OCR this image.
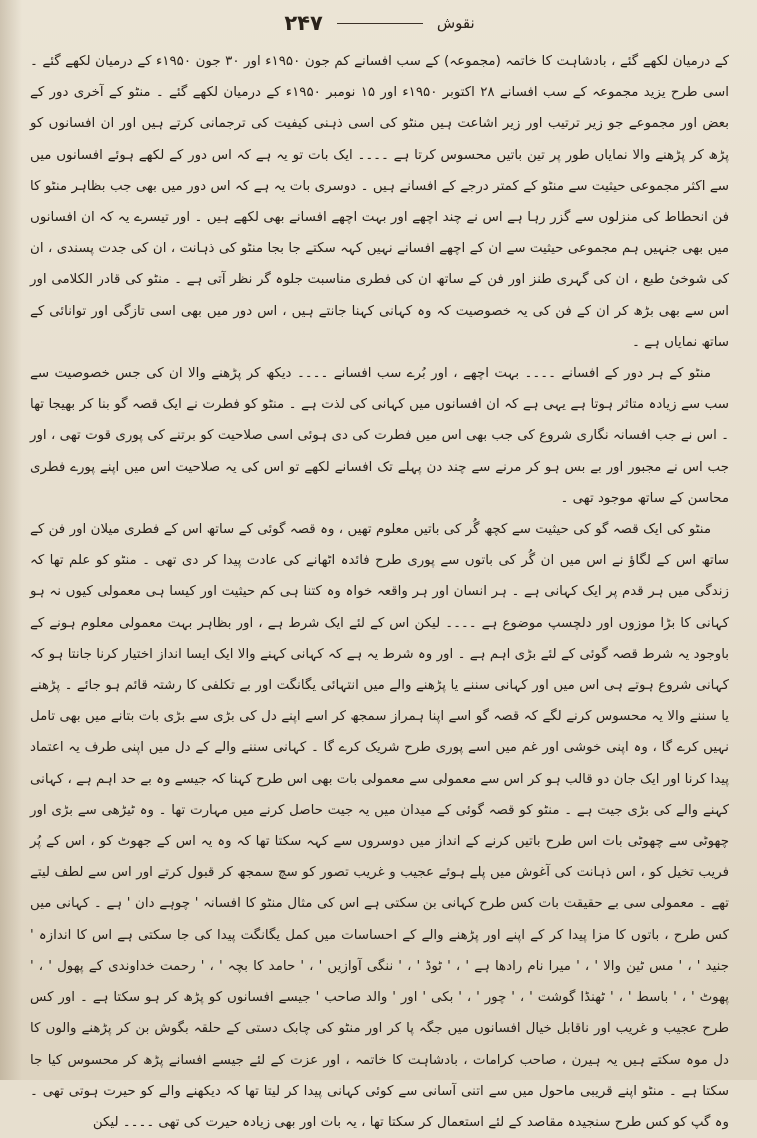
نقوش
۲۴۷

کے درمیان لکھے گئے ، بادشاہت کا خاتمہ (مجموعہ) کے سب افسانے کم جون ۱۹۵۰ء اور ۳۰ جون ۱۹۵۰ء کے درمیان لکھے گئے ۔ اسی طرح یزید مجموعہ کے سب افسانے ۲۸ اکتوبر ۱۹۵۰ء اور ۱۵ نومبر ۱۹۵۰ء کے درمیان لکھے گئے ۔ منٹو کے آخری دور کے بعض اور مجموعے جو زیر ترتیب اور زیر اشاعت ہیں منٹو کی اسی ذہنی کیفیت کی ترجمانی کرتے ہیں اور ان افسانوں کو پڑھ کر پڑھنے والا نمایاں طور پر تین باتیں محسوس کرتا ہے ۔۔۔۔ ایک بات تو یہ ہے کہ اس دور کے لکھے ہوئے افسانوں میں سے اکثر مجموعی حیثیت سے منٹو کے کمتر درجے کے افسانے ہیں ۔ دوسری بات یہ ہے کہ اس دور میں بھی جب بظاہر منٹو کا فن انحطاط کی منزلوں سے گزر رہا ہے اس نے چند اچھے اور بہت اچھے افسانے بھی لکھے ہیں ۔ اور تیسرے یہ کہ ان افسانوں میں بھی جنہیں ہم مجموعی حیثیت سے ان کے اچھے افسانے نہیں کہہ سکتے جا بجا منٹو کی ذہانت ، ان کی جدت پسندی ، ان کی شوخیٔ طبع ، ان کی گہری طنز اور فن کے ساتھ ان کی فطری مناسبت جلوہ گر نظر آتی ہے ۔ منٹو کی قادر الکلامی اور اس سے بھی بڑھ کر ان کے فن کی یہ خصوصیت کہ وہ کہانی کہنا جانتے ہیں ، اس دور میں بھی اسی تازگی اور توانائی کے ساتھ نمایاں ہے ۔

منٹو کے ہر دور کے افسانے ۔۔۔۔ بہت اچھے ، اور بُرے سب افسانے ۔۔۔۔ دیکھ کر پڑھنے والا ان کی جس خصوصیت سے سب سے زیادہ متاثر ہوتا ہے یہی ہے کہ ان افسانوں میں کہانی کی لذت ہے ۔ منٹو کو فطرت نے ایک قصہ گو بنا کر بھیجا تھا ۔ اس نے جب افسانہ نگاری شروع کی جب بھی اس میں فطرت کی دی ہوئی اسی صلاحیت کو برتنے کی پوری قوت تھی ، اور جب اس نے مجبور اور بے بس ہو کر مرنے سے چند دن پہلے تک افسانے لکھے تو اس کی یہ صلاحیت اس میں اپنے پورے فطری محاسن کے ساتھ موجود تھی ۔

منٹو کی ایک قصہ گو کی حیثیت سے کچھ گُر کی باتیں معلوم تھیں ، وہ قصہ گوئی کے ساتھ اس کے فطری میلان اور فن کے ساتھ اس کے لگاؤ نے اس میں ان گُر کی باتوں سے پوری طرح فائدہ اٹھانے کی عادت پیدا کر دی تھی ۔ منٹو کو علم تھا کہ زندگی میں ہر قدم پر ایک کہانی ہے ۔ ہر انسان اور ہر واقعہ خواہ وہ کتنا ہی کم حیثیت اور کیسا ہی معمولی کیوں نہ ہو کہانی کا بڑا موزوں اور دلچسپ موضوع ہے ۔۔۔۔ لیکن اس کے لئے ایک شرط ہے ، اور بظاہر بہت معمولی معلوم ہونے کے باوجود یہ شرط قصہ گوئی کے لئے بڑی اہم ہے ۔ اور وہ شرط یہ ہے کہ کہانی کہنے والا ایک ایسا انداز اختیار کرنا جانتا ہو کہ کہانی شروع ہوتے ہی اس میں اور کہانی سننے یا پڑھنے والے میں انتہائی یگانگت اور بے تکلفی کا رشتہ قائم ہو جائے ۔ پڑھنے یا سننے والا یہ محسوس کرنے لگے کہ قصہ گو اسے اپنا ہمراز سمجھ کر اسے اپنے دل کی بڑی سے بڑی بات بتانے میں بھی تامل نہیں کرے گا ، وہ اپنی خوشی اور غم میں اسے پوری طرح شریک کرے گا ۔ کہانی سننے والے کے دل میں اپنی طرف یہ اعتماد پیدا کرنا اور ایک جان دو قالب ہو کر اس سے معمولی سے معمولی بات بھی اس طرح کہنا کہ جیسے وہ بے حد اہم ہے ، کہانی کہنے والے کی بڑی جیت ہے ۔ منٹو کو قصہ گوئی کے میدان میں یہ جیت حاصل کرنے میں مہارت تھا ۔ وہ ٹیڑھی سے بڑی اور چھوٹی سے چھوٹی بات اس طرح باتیں کرنے کے انداز میں دوسروں سے کہہ سکتا تھا کہ وہ یہ اس کے جھوٹ کو ، اس کے پُر فریب تخیل کو ، اس ذہانت کی آغوش میں پلے ہوئے عجیب و غریب تصور کو سچ سمجھ کر قبول کرتے اور اس سے لطف لیتے تھے ۔ معمولی سی بے حقیقت بات کس طرح کہانی بن سکتی ہے اس کی مثال منٹو کا افسانہ ' چوہے دان ' ہے ۔ کہانی میں کس طرح ، باتوں کا مزا پیدا کر کے اپنے اور پڑھنے والے کے احساسات میں کمل یگانگت پیدا کی جا سکتی ہے اس کا اندازہ ' جنید ' ، ' مس ٹین والا ' ، ' میرا نام رادھا ہے ' ، ' ٹوڈ ' ، ' ننگی آوازیں ' ، ' حامد کا بچہ ' ، ' رحمت خداوندی کے پھول ' ، ' پھوٹ ' ، ' باسط ' ، ' ٹھنڈا گوشت ' ، ' چور ' ، ' بکی ' اور ' والد صاحب ' جیسے افسانوں کو پڑھ کر ہو سکتا ہے ۔ اور کس طرح عجیب و غریب اور ناقابل خیال افسانوں میں جگہ پا کر اور منٹو کی چابک دستی کے حلقہ بگوش بن کر پڑھنے والوں کا دل موہ سکتے ہیں یہ ہیرن ، صاحب کرامات ، بادشاہت کا خاتمہ ، اور عزت کے لئے جیسے افسانے پڑھ کر محسوس کیا جا سکتا ہے ۔ منٹو اپنے قریبی ماحول میں سے اتنی آسانی سے کوئی کہانی پیدا کر لیتا تھا کہ دیکھنے والے کو حیرت ہوتی تھی ۔ وہ گپ کو کس طرح سنجیدہ مقاصد کے لئے استعمال کر سکتا تھا ، یہ بات اور بھی زیادہ حیرت کی تھی ۔۔۔۔ لیکن
